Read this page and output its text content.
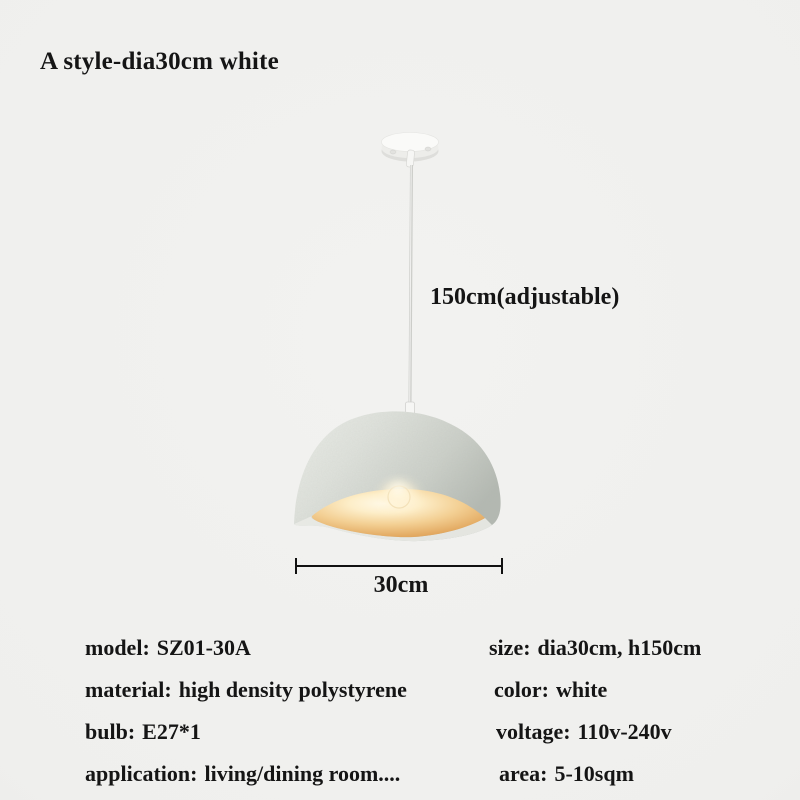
A style-dia30cm white
150cm(adjustable)
30cm
model: SZ01-30A
material: high density polystyrene
bulb: E27*1
application: living/dining room....
size: dia30cm, h150cm
color: white
voltage: 110v-240v
area: 5-10sqm
